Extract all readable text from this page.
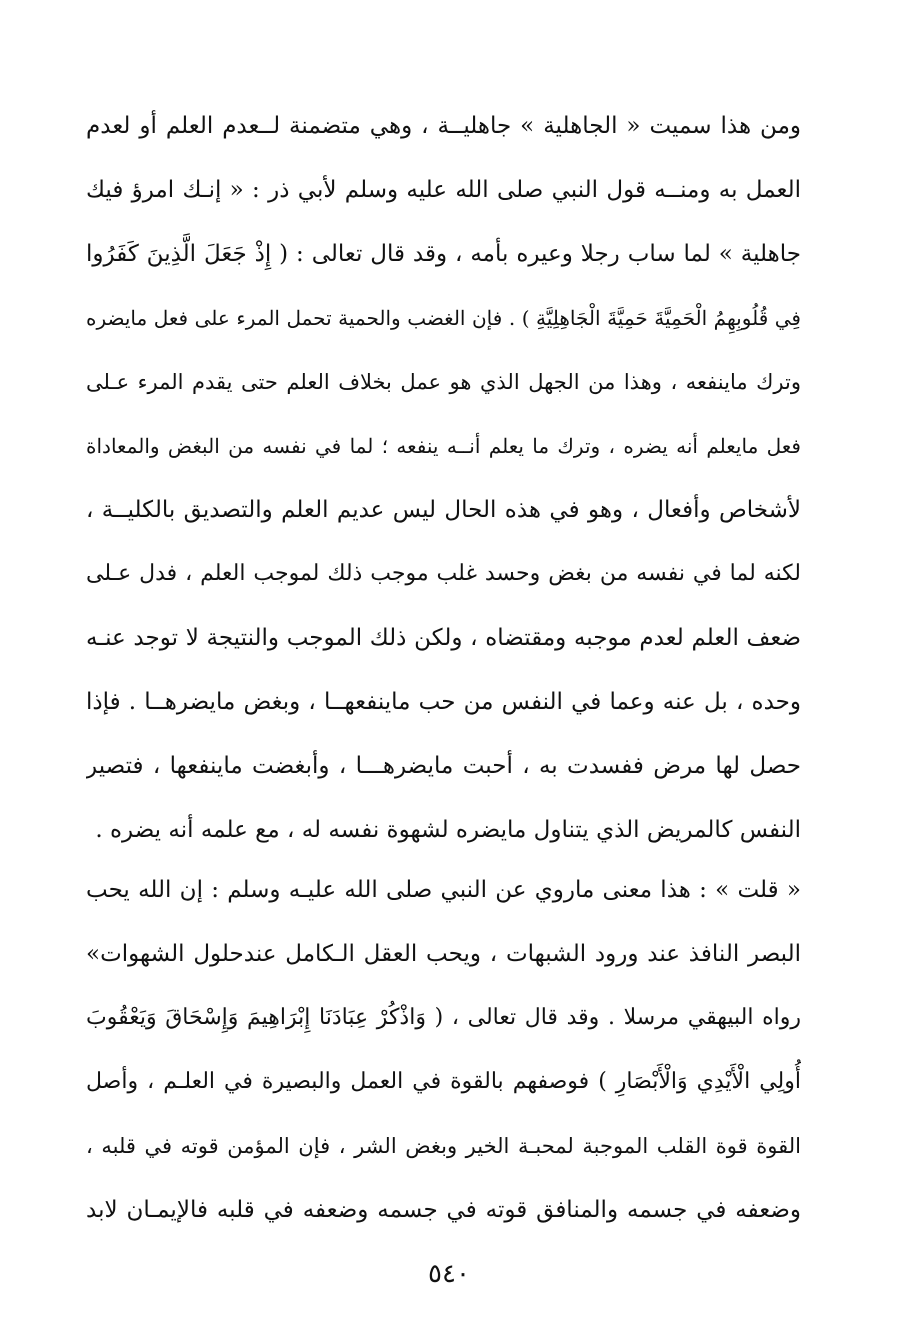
ومن هذا سميت « الجاهلية » جاهليــة ، وهي متضمنة لــعدم العلم أو لعدم
العمل به ومنــه قول النبي صلى الله عليه وسلم لأبي ذر : « إنـك امرؤ فيك
جاهلية » لما ساب رجلا وعيره بأمه ، وقد قال تعالى : ( إِذْ جَعَلَ الَّذِينَ كَفَرُوا
فِي قُلُوبِهِمُ الْحَمِيَّةَ حَمِيَّةَ الْجَاهِلِيَّةِ ) . فإن الغضب والحمية تحمل المرء على فعل مايضره
وترك ماينفعه ، وهذا من الجهل الذي هو عمل بخلاف العلم حتى يقدم المرء عـلى
فعل مايعلم أنه يضره ، وترك ما يعلم أنــه ينفعه ؛ لما في نفسه من البغض والمعاداة
لأشخاص وأفعال ، وهو في هذه الحال ليس عديم العلم والتصديق بالكليــة ،
لكنه لما في نفسه من بغض وحسد غلب موجب ذلك لموجب العلم ، فدل عـلى
ضعف العلم لعدم موجبه ومقتضاه ، ولكن ذلك الموجب والنتيجة لا توجد عنـه
وحده ، بل عنه وعما في النفس من حب ماينفعهــا ، وبغض مايضرهــا . فإذا
حصل لها مرض ففسدت به ، أحبت مايضرهـــا ، وأبغضت ماينفعها ، فتصير
النفس كالمريض الذي يتناول مايضره لشهوة نفسه له ، مع علمه أنه يضره .
« قلت » : هذا معنى ماروي عن النبي صلى الله عليـه وسلم : إن الله يحب
البصر النافذ عند ورود الشبهات ، ويحب العقل الـكامل عندحلول الشهوات»
رواه البيهقي مرسلا . وقد قال تعالى ، ( وَاذْكُرْ عِبَادَنَا إِبْرَاهِيمَ وَإِسْحَاقَ وَيَعْقُوبَ
أُولِي الْأَيْدِي وَالْأَبْصَارِ ) فوصفهم بالقوة في العمل والبصيرة في العلـم ، وأصل
القوة قوة القلب الموجبة لمحبـة الخير وبغض الشر ، فإن المؤمن قوته في قلبه ،
وضعفه في جسمه والمنافق قوته في جسمه وضعفه في قلبه فالإيمـان لابد
٥٤٠
